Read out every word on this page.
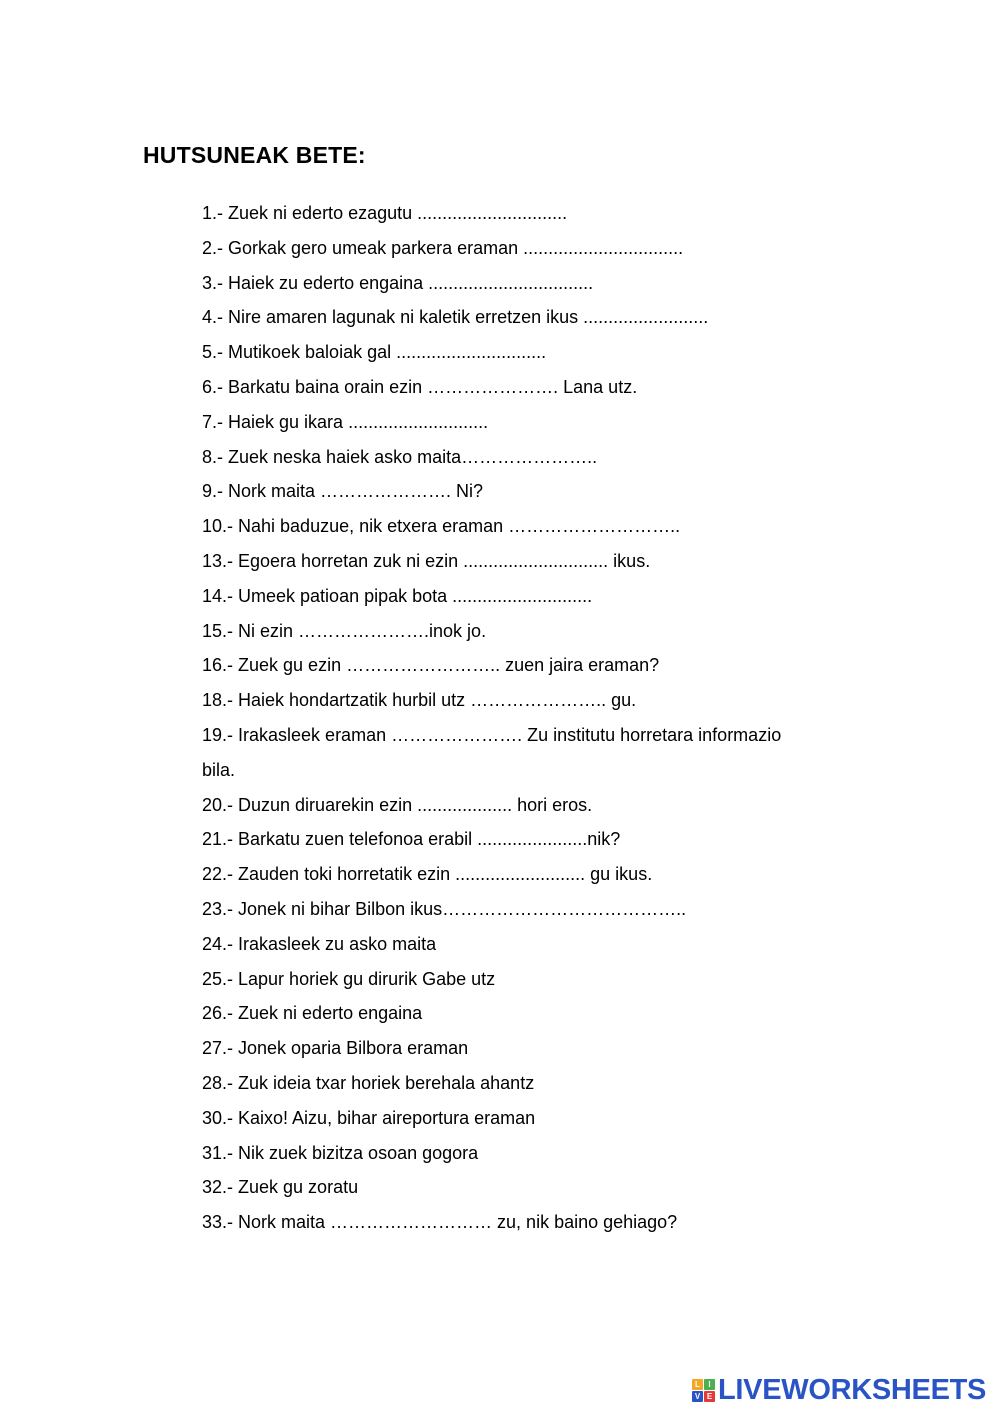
HUTSUNEAK BETE:
1.- Zuek ni ederto ezagutu ..............................
2.- Gorkak gero umeak parkera eraman ................................
3.- Haiek zu ederto engaina .................................
4.- Nire amaren lagunak ni kaletik erretzen ikus .........................
5.- Mutikoek baloiak gal ..............................
6.- Barkatu baina orain ezin …………………. Lana utz.
7.- Haiek gu ikara ............................
8.- Zuek neska haiek asko maita…………………..
9.- Nork maita …………………. Ni?
10.- Nahi baduzue, nik etxera eraman ………………………..
13.- Egoera horretan zuk ni ezin ............................. ikus.
14.- Umeek patioan pipak bota ............................
15.- Ni ezin ………………….inok jo.
16.- Zuek gu ezin …………………….. zuen jaira eraman?
18.- Haiek hondartzatik hurbil utz ………………….. gu.
19.- Irakasleek eraman …………………. Zu institutu horretara informazio
bila.
20.- Duzun diruarekin ezin ................... hori eros.
21.- Barkatu zuen telefonoa erabil ......................nik?
22.- Zauden toki horretatik ezin .......................... gu ikus.
23.- Jonek ni bihar Bilbon ikus…………………………………..
24.- Irakasleek zu asko maita
25.- Lapur horiek gu dirurik Gabe utz
26.- Zuek ni ederto engaina
27.- Jonek oparia Bilbora eraman
28.- Zuk ideia txar horiek berehala ahantz
30.- Kaixo! Aizu, bihar aireportura eraman
31.- Nik zuek bizitza osoan gogora
32.- Zuek gu zoratu
33.- Nork maita ……………………… zu, nik baino gehiago?
L	I
V E LIVEWORKSHEETS
